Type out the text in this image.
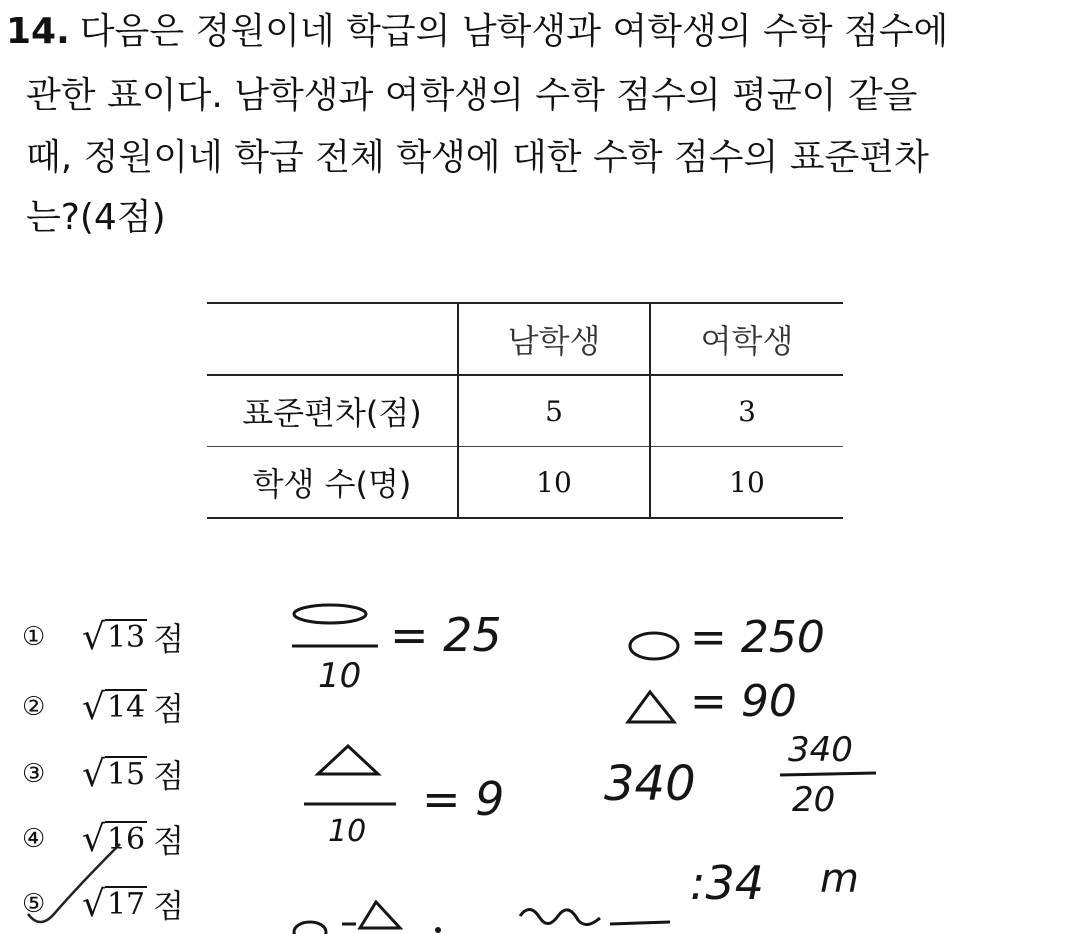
14. 다음은 정원이네 학급의 남학생과 여학생의 수학 점수에
관한 표이다. 남학생과 여학생의 수학 점수의 평균이 같을
때, 정원이네 학급 전체 학생에 대한 수학 점수의 표준편차
는?(4점)
	남학생	여학생
표준편차(점)	5	3
학생 수(명)	10	10
①	√ 13 점
②	√ 14 점
③	√ 15 점
④	√ 16 점
⑤	√ 17 점
= 25
10
= 250
= 90
= 9
10
340
340
20
:34 m
